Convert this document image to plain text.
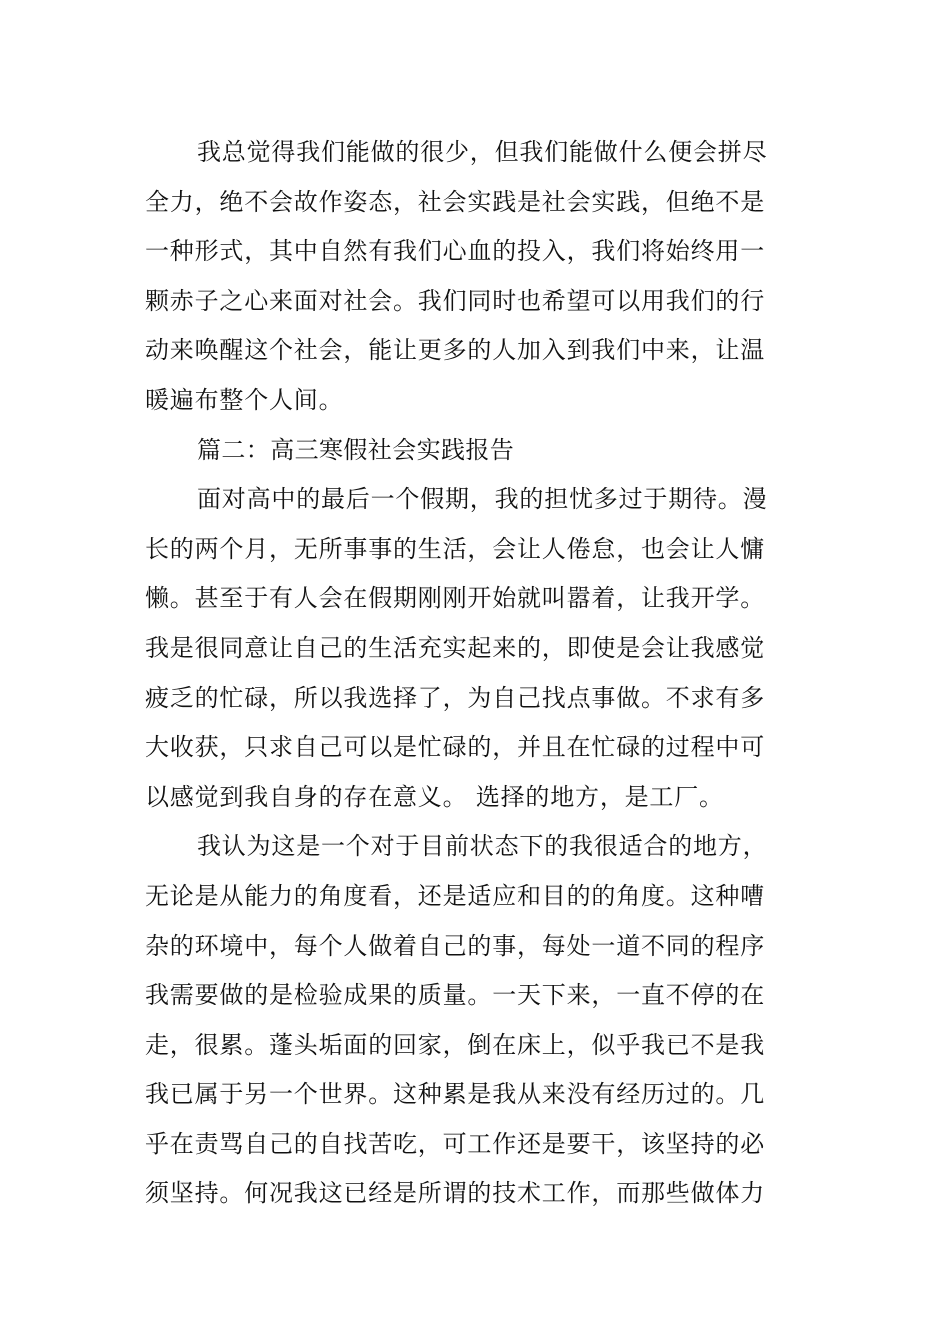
我总觉得我们能做的很少，但我们能做什么便会拼尽
全力，绝不会故作姿态，社会实践是社会实践，但绝不是
一种形式，其中自然有我们心血的投入，我们将始终用一
颗赤子之心来面对社会。我们同时也希望可以用我们的行
动来唤醒这个社会，能让更多的人加入到我们中来，让温
暖遍布整个人间。
篇二：高三寒假社会实践报告
面对高中的最后一个假期，我的担忧多过于期待。漫
长的两个月，无所事事的生活，会让人倦怠，也会让人慵
懒。甚至于有人会在假期刚刚开始就叫嚣着，让我开学。
我是很同意让自己的生活充实起来的，即使是会让我感觉
疲乏的忙碌，所以我选择了，为自己找点事做。不求有多
大收获，只求自己可以是忙碌的，并且在忙碌的过程中可
以感觉到我自身的存在意义。 选择的地方，是工厂。
我认为这是一个对于目前状态下的我很适合的地方，
无论是从能力的角度看，还是适应和目的的角度。这种嘈
杂的环境中，每个人做着自己的事，每处一道不同的程序
我需要做的是检验成果的质量。一天下来，一直不停的在
走，很累。蓬头垢面的回家，倒在床上，似乎我已不是我
我已属于另一个世界。这种累是我从来没有经历过的。几
乎在责骂自己的自找苦吃，可工作还是要干，该坚持的必
须坚持。何况我这已经是所谓的技术工作，而那些做体力
